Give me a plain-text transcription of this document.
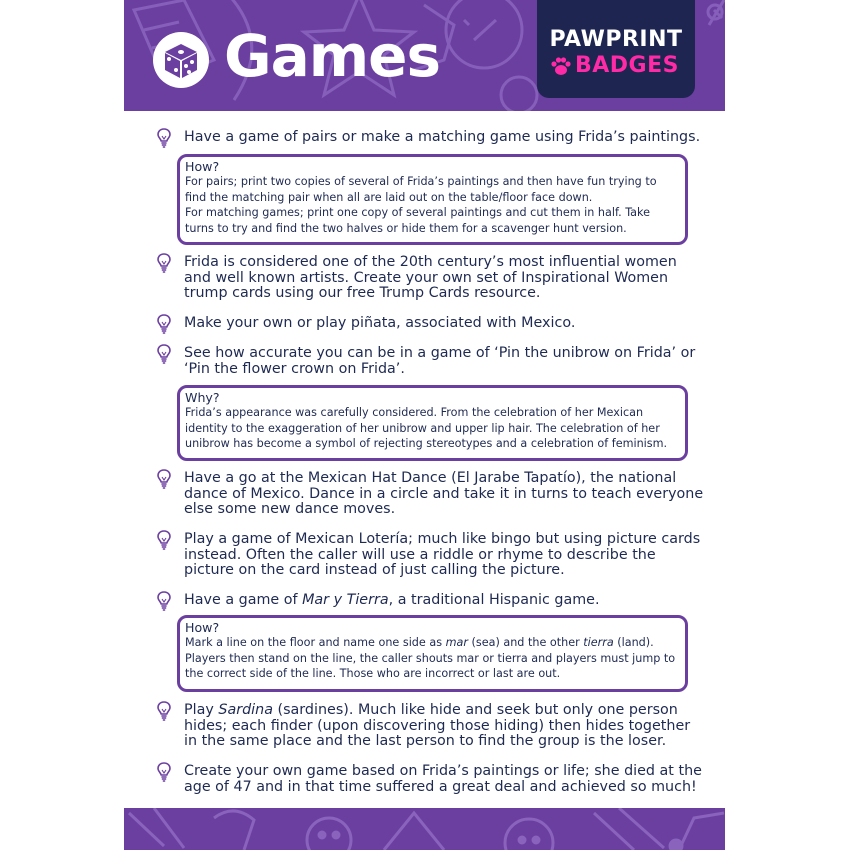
Games	PAWPRINT
BADGES

Have a game of pairs or make a matching game using Frida’s paintings.

How?

For pairs; print two copies of several of Frida’s paintings and then have fun trying to find the matching pair when all are laid out on the table/floor face down.

For matching games; print one copy of several paintings and cut them in half. Take turns to try and find the two halves or hide them for a scavenger hunt version.

Frida is considered one of the 20th century’s most influential women and well known artists. Create your own set of Inspirational Women trump cards using our free Trump Cards resource.

Make your own or play piñata, associated with Mexico.

See how accurate you can be in a game of ‘Pin the unibrow on Frida’ or ‘Pin the flower crown on Frida’.

Why?

Frida’s appearance was carefully considered. From the celebration of her Mexican identity to the exaggeration of her unibrow and upper lip hair. The celebration of her unibrow has become a symbol of rejecting stereotypes and a celebration of feminism.

Have a go at the Mexican Hat Dance (El Jarabe Tapatío), the national dance of Mexico. Dance in a circle and take it in turns to teach everyone else some new dance moves.

Play a game of Mexican Lotería; much like bingo but using picture cards instead. Often the caller will use a riddle or rhyme to describe the picture on the card instead of just calling the picture.

Have a game of Mar y Tierra, a traditional Hispanic game.

How?

Mark a line on the floor and name one side as mar (sea) and the other tierra (land). Players then stand on the line, the caller shouts mar or tierra and players must jump to the correct side of the line. Those who are incorrect or last are out.

Play Sardina (sardines). Much like hide and seek but only one person hides; each finder (upon discovering those hiding) then hides together in the same place and the last person to find the group is the loser.

Create your own game based on Frida’s paintings or life; she died at the age of 47 and in that time suffered a great deal and achieved so much!
